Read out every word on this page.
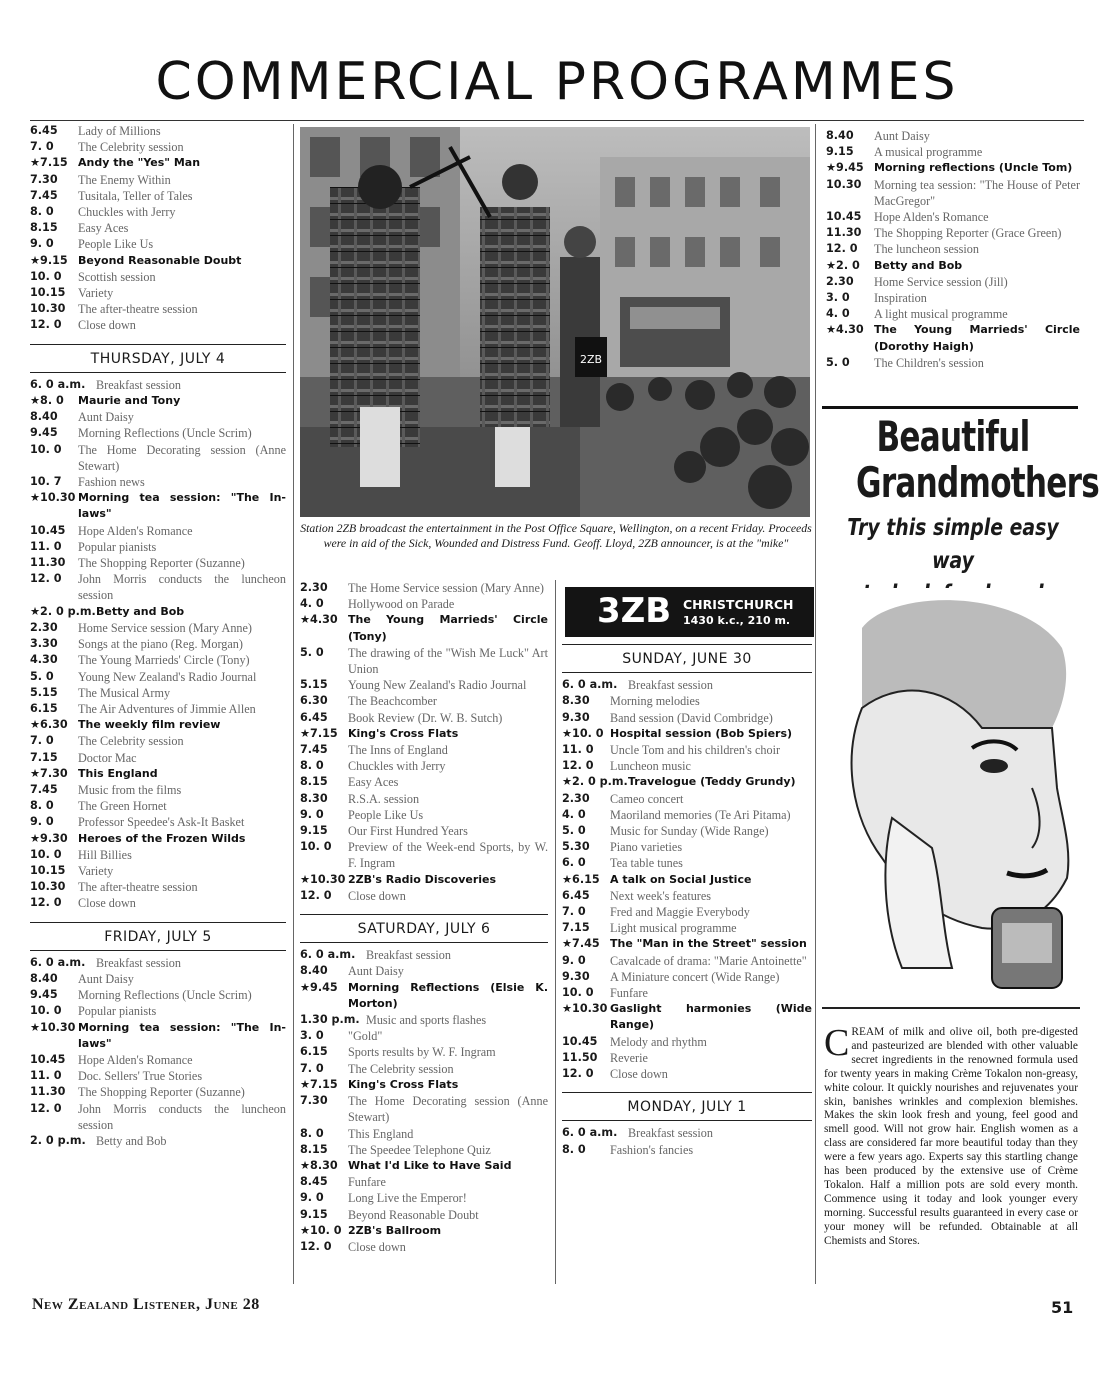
COMMERCIAL PROGRAMMES
6.45	Lady of Millions
7. 0	The Celebrity session
★7.15 Andy the "Yes" Man
7.30	The Enemy Within
7.45	Tusitala, Teller of Tales
8. 0	Chuckles with Jerry
8.15	Easy Aces
9. 0	People Like Us
★9.15 Beyond Reasonable Doubt
10. 0	Scottish session
10.15	Variety
10.30	The after-theatre session
12. 0	Close down
THURSDAY, JULY 4
6. 0 a.m. Breakfast session
★8. 0	Maurie and Tony
8.40	Aunt Daisy
9.45	Morning Reflections (Uncle Scrim)
10. 0	The Home Decorating session (Anne Stewart)
10. 7	Fashion news
★10.30 Morning tea session: "The In-laws"
10.45	Hope Alden's Romance
11. 0	Popular pianists
11.30	The Shopping Reporter (Suzanne)
12. 0	John Morris conducts the luncheon session
★2. 0 p.m. Betty and Bob
2.30	Home Service session (Mary Anne)
3.30	Songs at the piano (Reg. Morgan)
4.30	The Young Marrieds' Circle (Tony)
5. 0	Young New Zealand's Radio Journal
5.15	The Musical Army
6.15	The Air Adventures of Jimmie Allen
★6.30 The weekly film review
7. 0	The Celebrity session
7.15	Doctor Mac
★7.30 This England
7.45	Music from the films
8. 0	The Green Hornet
9. 0	Professor Speedee's Ask-It Basket
★9.30 Heroes of the Frozen Wilds
10. 0	Hill Billies
10.15	Variety
10.30	The after-theatre session
12. 0	Close down
FRIDAY, JULY 5
6. 0 a.m. Breakfast session
8.40	Aunt Daisy
9.45	Morning Reflections (Uncle Scrim)
10. 0	Popular pianists
★10.30 Morning tea session: "The In-laws"
10.45	Hope Alden's Romance
11. 0	Doc. Sellers' True Stories
11.30	The Shopping Reporter (Suzanne)
12. 0	John Morris conducts the luncheon session
2. 0 p.m. Betty and Bob
2ZB
Station 2ZB broadcast the entertainment in the Post Office Square, Wellington, on a recent Friday. Proceeds were in aid of the Sick, Wounded and Distress Fund. Geoff. Lloyd, 2ZB announcer, is at the "mike"
2.30	The Home Service session (Mary Anne)
4. 0	Hollywood on Parade
★4.30 The Young Marrieds' Circle (Tony)
5. 0	The drawing of the "Wish Me Luck" Art Union
5.15	Young New Zealand's Radio Journal
6.30	The Beachcomber
6.45	Book Review (Dr. W. B. Sutch)
★7.15 King's Cross Flats
7.45	The Inns of England
8. 0	Chuckles with Jerry
8.15	Easy Aces
8.30	R.S.A. session
9. 0	People Like Us
9.15	Our First Hundred Years
10. 0	Preview of the Week-end Sports, by W. F. Ingram
★10.30 2ZB's Radio Discoveries
12. 0	Close down
SATURDAY, JULY 6
6. 0 a.m. Breakfast session
8.40	Aunt Daisy
★9.45 Morning Reflections (Elsie K. Morton)
1.30 p.m. Music and sports flashes
3. 0	"Gold"
6.15	Sports results by W. F. Ingram
7. 0	The Celebrity session
★7.15 King's Cross Flats
7.30	The Home Decorating session (Anne Stewart)
8. 0	This England
8.15	The Speedee Telephone Quiz
★8.30 What I'd Like to Have Said
8.45	Funfare
9. 0	Long Live the Emperor!
9.15	Beyond Reasonable Doubt
★10. 0 2ZB's Ballroom
12. 0	Close down
3ZB CHRISTCHURCH
1430 k.c., 210 m.
SUNDAY, JUNE 30
6. 0 a.m. Breakfast session
8.30	Morning melodies
9.30	Band session (David Combridge)
★10. 0 Hospital session (Bob Spiers)
11. 0	Uncle Tom and his children's choir
12. 0	Luncheon music
★2. 0 p.m. Travelogue (Teddy Grundy)
2.30	Cameo concert
4. 0	Maoriland memories (Te Ari Pitama)
5. 0	Music for Sunday (Wide Range)
5.30	Piano varieties
6. 0	Tea table tunes
★6.15 A talk on Social Justice
6.45	Next week's features
7. 0	Fred and Maggie Everybody
7.15	Light musical programme
★7.45 The "Man in the Street" session
9. 0	Cavalcade of drama: "Marie Antoinette"
9.30	A Miniature concert (Wide Range)
10. 0	Funfare
★10.30 Gaslight harmonies (Wide Range)
10.45	Melody and rhythm
11.50	Reverie
12. 0	Close down
MONDAY, JULY 1
6. 0 a.m. Breakfast session
8. 0	Fashion's fancies
8.40	Aunt Daisy
9.15	A musical programme
★9.45 Morning reflections (Uncle Tom)
10.30	Morning tea session: "The House of Peter MacGregor"
10.45	Hope Alden's Romance
11.30	The Shopping Reporter (Grace Green)
12. 0	The luncheon session
★2. 0	Betty and Bob
2.30	Home Service session (Jill)
3. 0	Inspiration
4. 0	A light musical programme
★4.30 The Young Marrieds' Circle (Dorothy Haigh)
5. 0	The Children's session
Beautiful
Grandmothers
Try this simple easy way
CREAM of milk and olive oil, both pre-digested and pasteurized are blended with other valuable secret ingredients in the renowned formula used for twenty years in making Crème Tokalon non-greasy, white colour. It quickly nourishes and rejuvenates your skin, banishes wrinkles and complexion blemishes. Makes the skin look fresh and young, feel good and smell good. Will not grow hair. English women as a class are considered far more beautiful today than they were a few years ago. Experts say this startling change has been produced by the extensive use of Crème Tokalon. Half a million pots are sold every month. Commence using it today and look younger every morning. Successful results guaranteed in every case or your money will be refunded. Obtainable at all Chemists and Stores.
New Zealand Listener, June 28	51
